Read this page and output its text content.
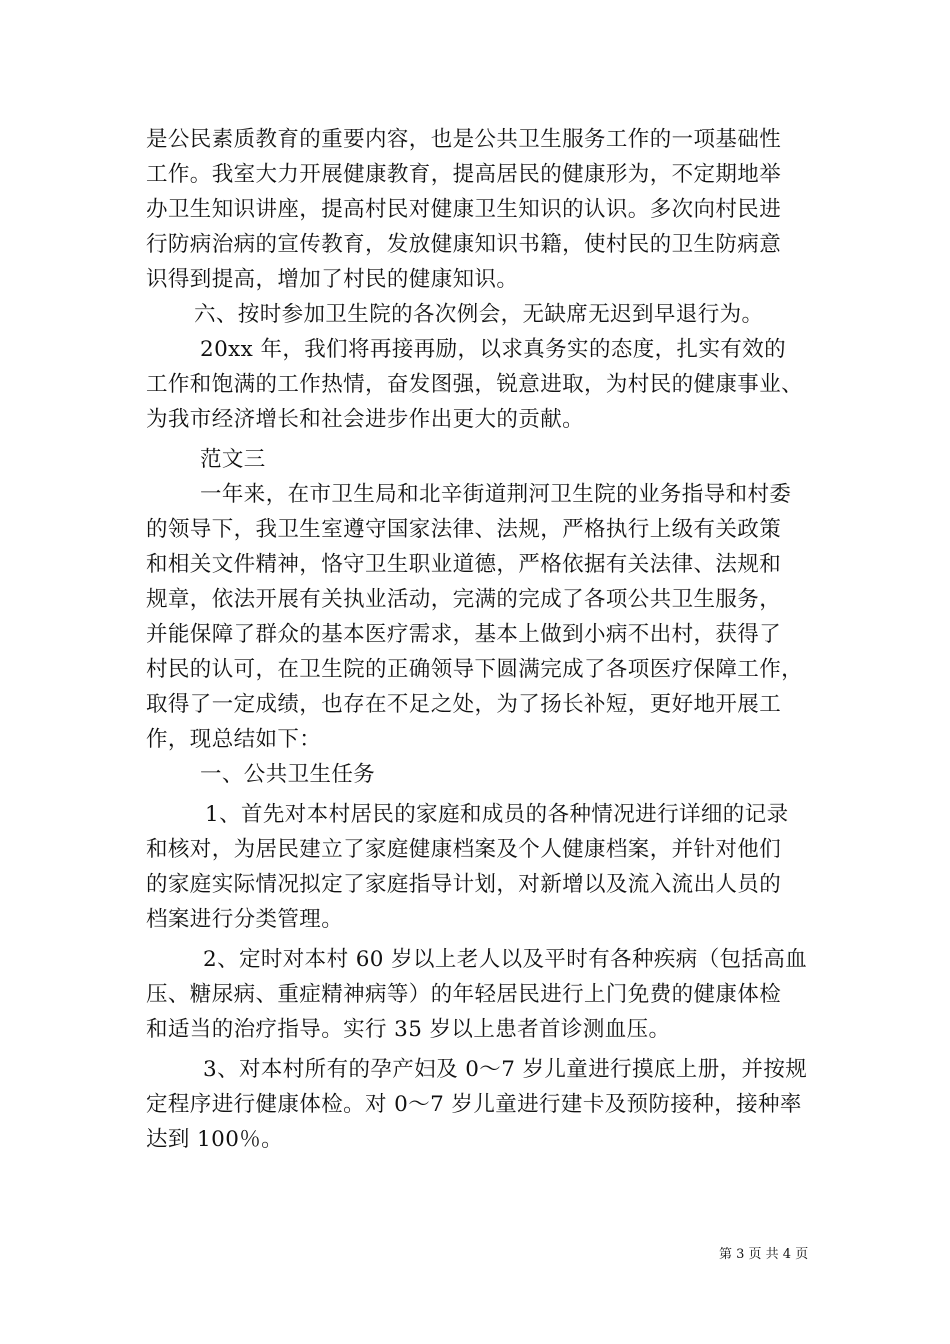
是公民素质教育的重要内容，也是公共卫生服务工作的一项基础性
工作。我室大力开展健康教育，提高居民的健康形为，不定期地举
办卫生知识讲座，提高村民对健康卫生知识的认识。多次向村民进
行防病治病的宣传教育，发放健康知识书籍，使村民的卫生防病意
识得到提高，增加了村民的健康知识。
六、按时参加卫生院的各次例会，无缺席无迟到早退行为。
20xx 年，我们将再接再励，以求真务实的态度，扎实有效的
工作和饱满的工作热情，奋发图强，锐意进取，为村民的健康事业、
为我市经济增长和社会进步作出更大的贡献。
范文三
一年来，在市卫生局和北辛街道荆河卫生院的业务指导和村委
的领导下，我卫生室遵守国家法律、法规，严格执行上级有关政策
和相关文件精神，恪守卫生职业道德，严格依据有关法律、法规和
规章，依法开展有关执业活动，完满的完成了各项公共卫生服务，
并能保障了群众的基本医疗需求，基本上做到小病不出村，获得了
村民的认可，在卫生院的正确领导下圆满完成了各项医疗保障工作，
取得了一定成绩，也存在不足之处，为了扬长补短，更好地开展工
作，现总结如下：
一、公共卫生任务
1、首先对本村居民的家庭和成员的各种情况进行详细的记录
和核对，为居民建立了家庭健康档案及个人健康档案，并针对他们
的家庭实际情况拟定了家庭指导计划，对新增以及流入流出人员的
档案进行分类管理。
2、定时对本村 60 岁以上老人以及平时有各种疾病（包括高血
压、糖尿病、重症精神病等）的年轻居民进行上门免费的健康体检
和适当的治疗指导。实行 35 岁以上患者首诊测血压。
3、对本村所有的孕产妇及 0～7 岁儿童进行摸底上册，并按规
定程序进行健康体检。对 0～7 岁儿童进行建卡及预防接种，接种率
达到 100％。
第 3 页 共 4 页
